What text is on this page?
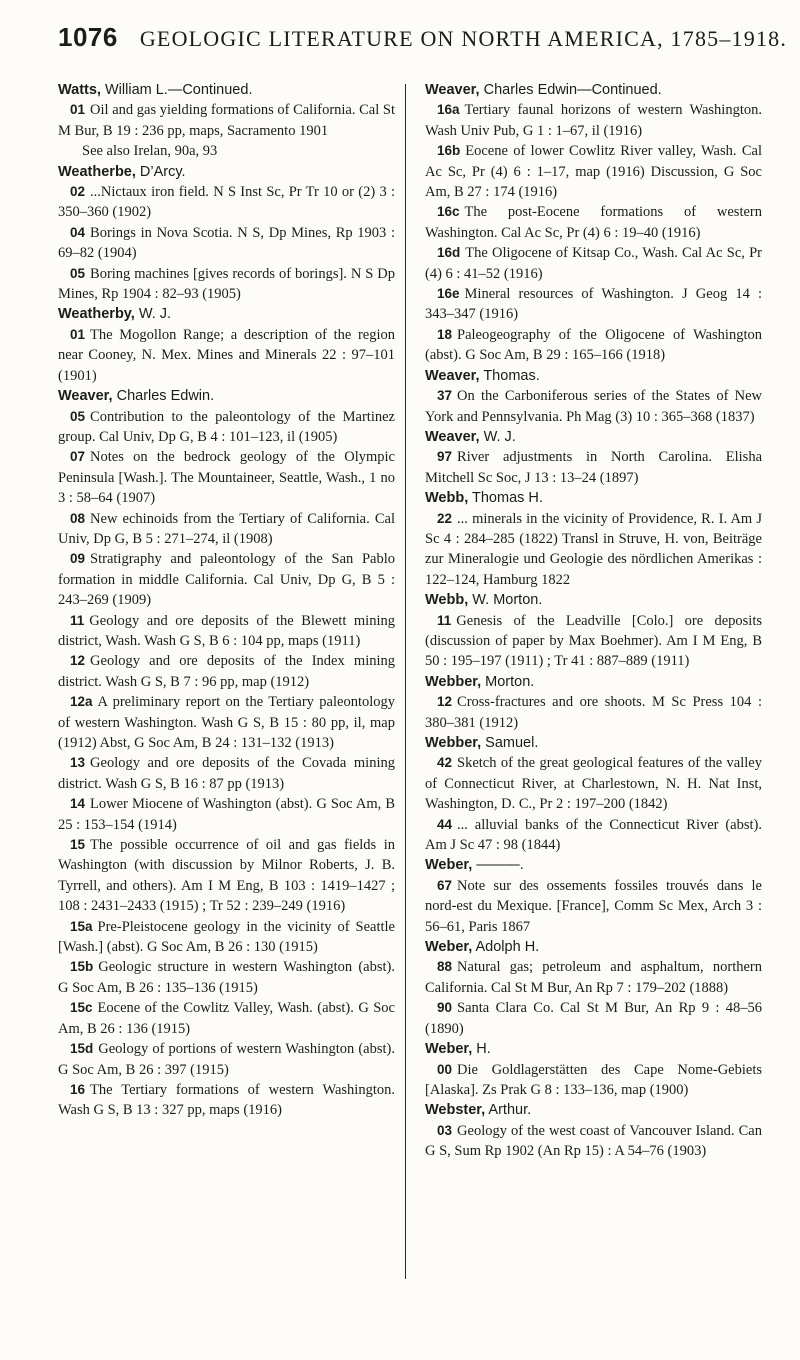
1076 GEOLOGIC LITERATURE ON NORTH AMERICA, 1785–1918.

Watts, William L.—Continued.

01 Oil and gas yielding formations of California. Cal St M Bur, B 19 : 236 pp, maps, Sacramento 1901

See also Irelan, 90a, 93

Weatherbe, D’Arcy.

02 ...Nictaux iron field. N S Inst Sc, Pr Tr 10 or (2) 3 : 350–360 (1902)

04 Borings in Nova Scotia. N S, Dp Mines, Rp 1903 : 69–82 (1904)

05 Boring machines [gives records of borings]. N S Dp Mines, Rp 1904 : 82–93 (1905)

Weatherby, W. J.

01 The Mogollon Range; a description of the region near Cooney, N. Mex. Mines and Minerals 22 : 97–101 (1901)

Weaver, Charles Edwin.

05 Contribution to the paleontology of the Martinez group. Cal Univ, Dp G, B 4 : 101–123, il (1905)

07 Notes on the bedrock geology of the Olympic Peninsula [Wash.]. The Mountaineer, Seattle, Wash., 1 no 3 : 58–64 (1907)

08 New echinoids from the Tertiary of California. Cal Univ, Dp G, B 5 : 271–274, il (1908)

09 Stratigraphy and paleontology of the San Pablo formation in middle California. Cal Univ, Dp G, B 5 : 243–269 (1909)

11 Geology and ore deposits of the Blewett mining district, Wash. Wash G S, B 6 : 104 pp, maps (1911)

12 Geology and ore deposits of the Index mining district. Wash G S, B 7 : 96 pp, map (1912)

12a A preliminary report on the Tertiary paleontology of western Washington. Wash G S, B 15 : 80 pp, il, map (1912) Abst, G Soc Am, B 24 : 131–132 (1913)

13 Geology and ore deposits of the Covada mining district. Wash G S, B 16 : 87 pp (1913)

14 Lower Miocene of Washington (abst). G Soc Am, B 25 : 153–154 (1914)

15 The possible occurrence of oil and gas fields in Washington (with discussion by Milnor Roberts, J. B. Tyrrell, and others). Am I M Eng, B 103 : 1419–1427 ; 108 : 2431–2433 (1915) ; Tr 52 : 239–249 (1916)

15a Pre-Pleistocene geology in the vicinity of Seattle [Wash.] (abst). G Soc Am, B 26 : 130 (1915)

15b Geologic structure in western Washington (abst). G Soc Am, B 26 : 135–136 (1915)

15c Eocene of the Cowlitz Valley, Wash. (abst). G Soc Am, B 26 : 136 (1915)

15d Geology of portions of western Washington (abst). G Soc Am, B 26 : 397 (1915)

16 The Tertiary formations of western Washington. Wash G S, B 13 : 327 pp, maps (1916)

Weaver, Charles Edwin—Continued.

16a Tertiary faunal horizons of western Washington. Wash Univ Pub, G 1 : 1–67, il (1916)

16b Eocene of lower Cowlitz River valley, Wash. Cal Ac Sc, Pr (4) 6 : 1–17, map (1916) Discussion, G Soc Am, B 27 : 174 (1916)

16c The post-Eocene formations of western Washington. Cal Ac Sc, Pr (4) 6 : 19–40 (1916)

16d The Oligocene of Kitsap Co., Wash. Cal Ac Sc, Pr (4) 6 : 41–52 (1916)

16e Mineral resources of Washington. J Geog 14 : 343–347 (1916)

18 Paleogeography of the Oligocene of Washington (abst). G Soc Am, B 29 : 165–166 (1918)

Weaver, Thomas.

37 On the Carboniferous series of the States of New York and Pennsylvania. Ph Mag (3) 10 : 365–368 (1837)

Weaver, W. J.

97 River adjustments in North Carolina. Elisha Mitchell Sc Soc, J 13 : 13–24 (1897)

Webb, Thomas H.

22 ... minerals in the vicinity of Providence, R. I. Am J Sc 4 : 284–285 (1822) Transl in Struve, H. von, Beiträge zur Mineralogie und Geologie des nördlichen Amerikas : 122–124, Hamburg 1822

Webb, W. Morton.

11 Genesis of the Leadville [Colo.] ore deposits (discussion of paper by Max Boehmer). Am I M Eng, B 50 : 195–197 (1911) ; Tr 41 : 887–889 (1911)

Webber, Morton.

12 Cross-fractures and ore shoots. M Sc Press 104 : 380–381 (1912)

Webber, Samuel.

42 Sketch of the great geological features of the valley of Connecticut River, at Charlestown, N. H. Nat Inst, Washington, D. C., Pr 2 : 197–200 (1842)

44 ... alluvial banks of the Connecticut River (abst). Am J Sc 47 : 98 (1844)

Weber, ———.

67 Note sur des ossements fossiles trouvés dans le nord-est du Mexique. [France], Comm Sc Mex, Arch 3 : 56–61, Paris 1867

Weber, Adolph H.

88 Natural gas; petroleum and asphaltum, northern California. Cal St M Bur, An Rp 7 : 179–202 (1888)

90 Santa Clara Co. Cal St M Bur, An Rp 9 : 48–56 (1890)

Weber, H.

00 Die Goldlagerstätten des Cape Nome-Gebiets [Alaska]. Zs Prak G 8 : 133–136, map (1900)

Webster, Arthur.

03 Geology of the west coast of Vancouver Island. Can G S, Sum Rp 1902 (An Rp 15) : A 54–76 (1903)
